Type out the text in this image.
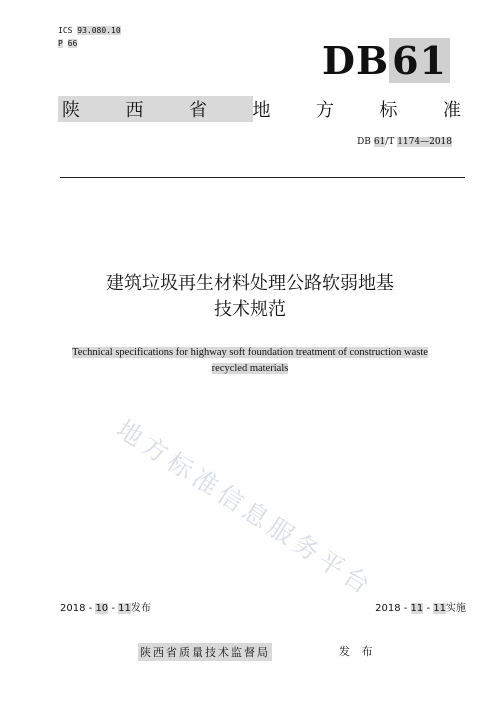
ICS 93.080.10
P 66	DB61
陕	西	省	地	方	标	准
DB 61/T 1174—2018
建筑垃圾再生材料处理公路软弱地基
技术规范
Technical specifications for highway soft foundation treatment of construction waste
recycled materials
地方标准信息服务平台
2018 - 10 - 11发布	2018 - 11 - 11实施
陕西省质量技术监督局	发 布
